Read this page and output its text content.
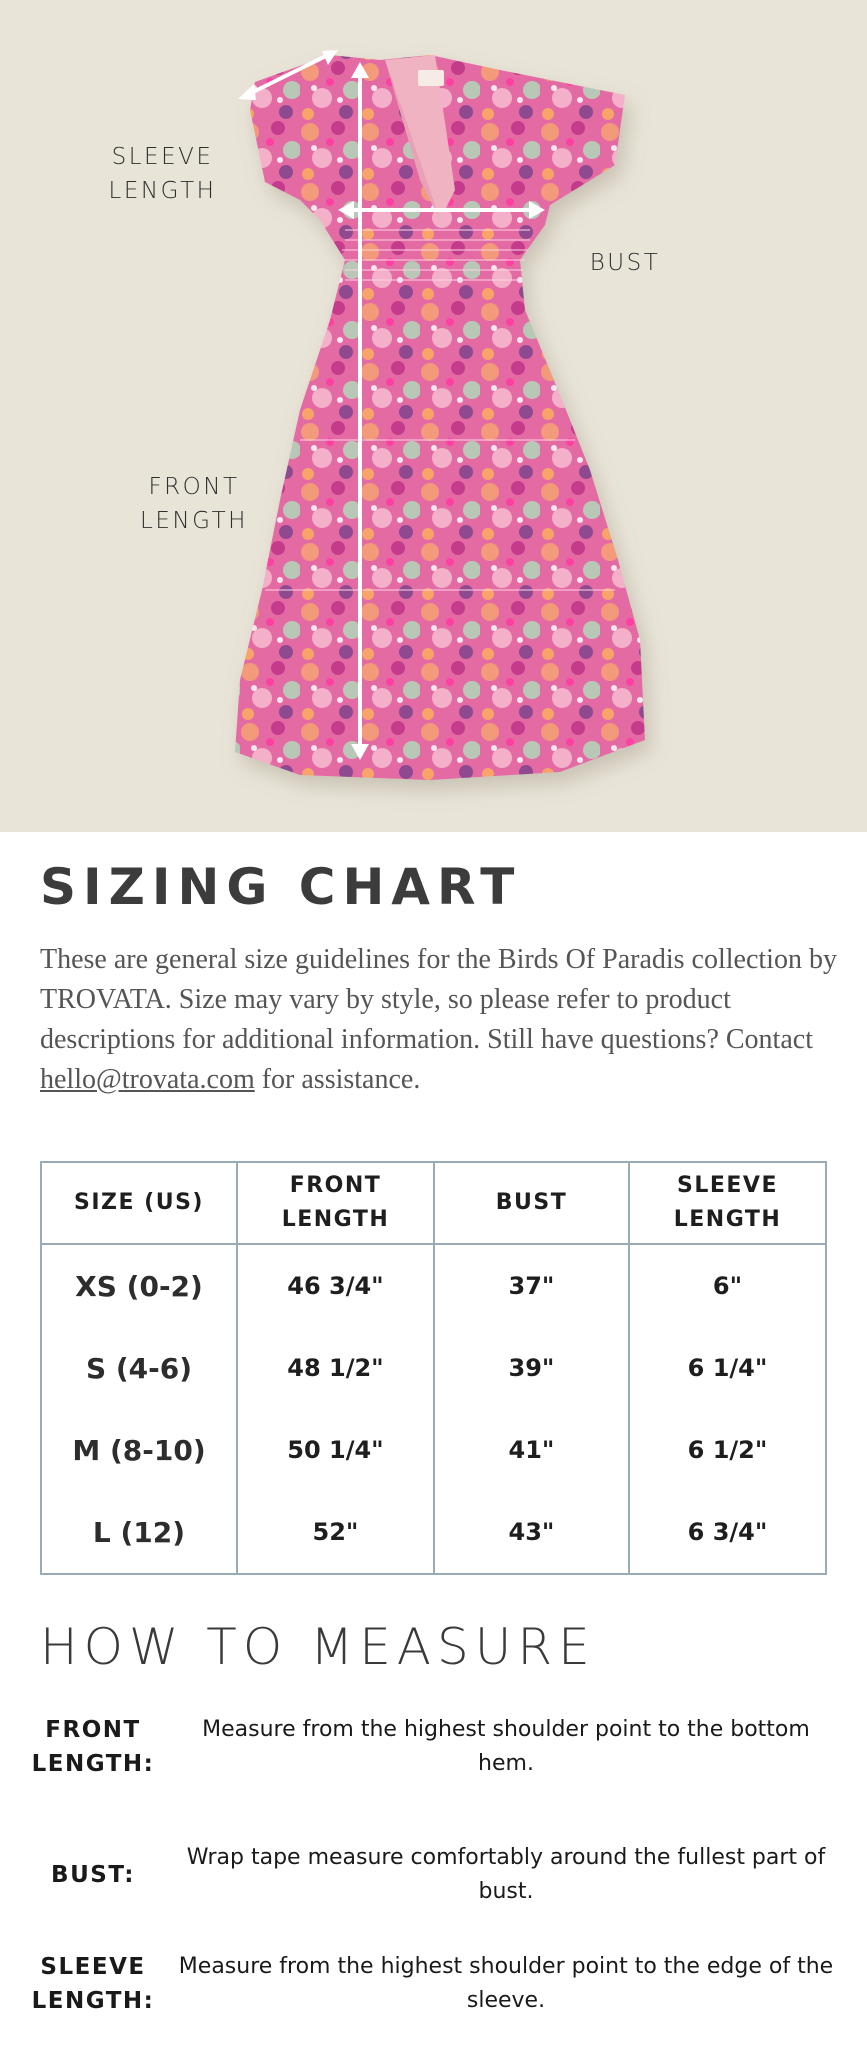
SLEEVE LENGTH
BUST
FRONT LENGTH
SIZING CHART

These are general size guidelines for the Birds Of Paradis collection by TROVATA. Size may vary by style, so please refer to product descriptions for additional information. Still have questions? Contact hello@trovata.com for assistance.

SIZE (US)	FRONT LENGTH	BUST	SLEEVE LENGTH
XS (0-2)	46 3/4"	37"	6"
S (4-6)	48 1/2"	39"	6 1/4"
M (8-10)	50 1/4"	41"	6 1/2"
L (12)	52"	43"	6 3/4"
HOW TO MEASURE
FRONT LENGTH:
Measure from the highest shoulder point to the bottom hem.
BUST:
Wrap tape measure comfortably around the fullest part of bust.
SLEEVE LENGTH:
Measure from the highest shoulder point to the edge of the sleeve.
